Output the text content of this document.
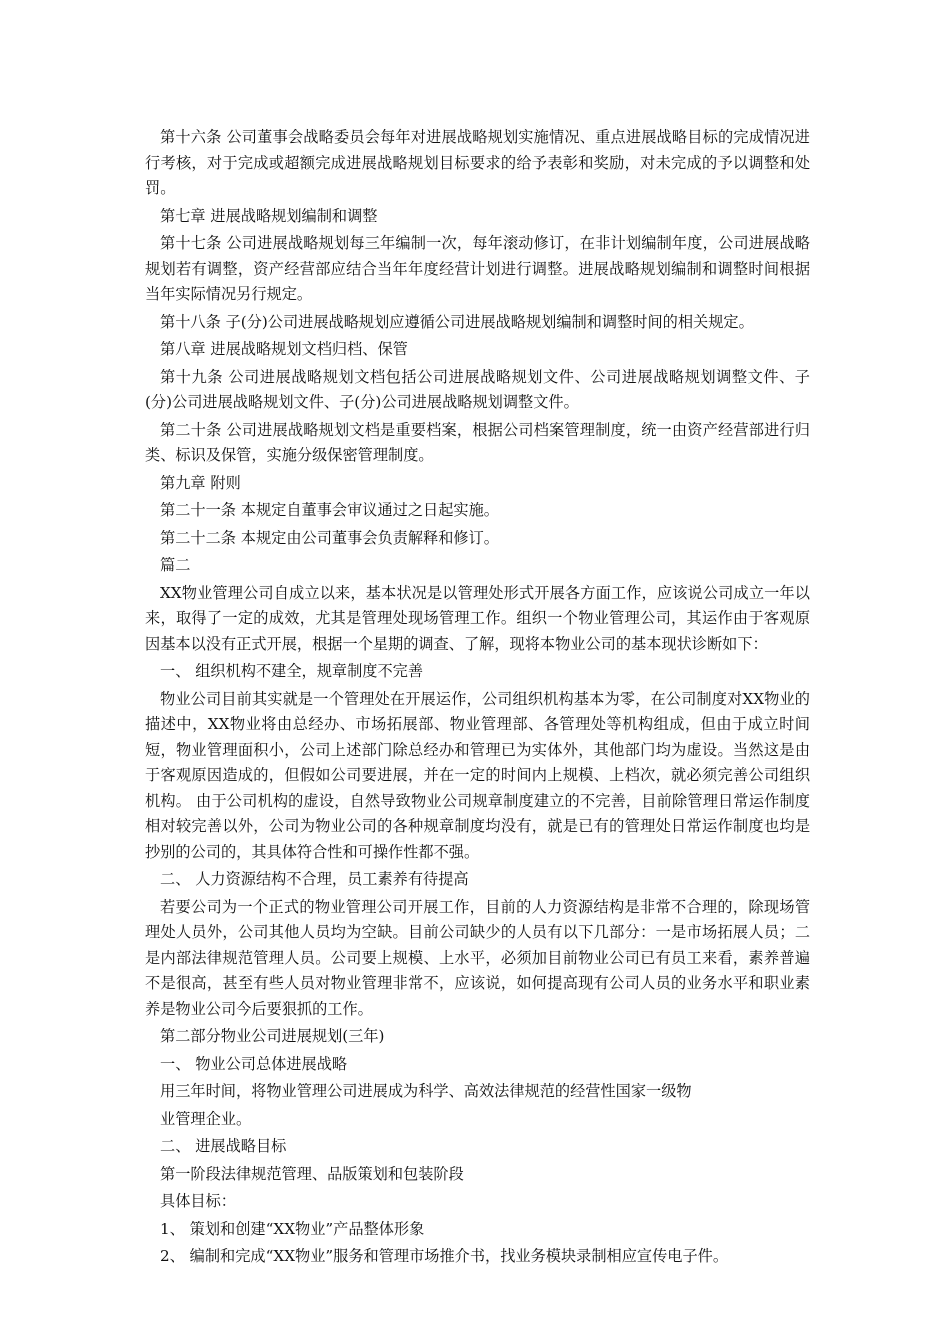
第十六条 公司董事会战略委员会每年对进展战略规划实施情况、重点进展战略目标的完成情况进行考核，对于完成或超额完成进展战略规划目标要求的给予表彰和奖励，对未完成的予以调整和处罚。

第七章 进展战略规划编制和调整

第十七条 公司进展战略规划每三年编制一次，每年滚动修订，在非计划编制年度，公司进展战略规划若有调整，资产经营部应结合当年年度经营计划进行调整。进展战略规划编制和调整时间根据当年实际情况另行规定。

第十八条 子(分)公司进展战略规划应遵循公司进展战略规划编制和调整时间的相关规定。

第八章 进展战略规划文档归档、保管

第十九条 公司进展战略规划文档包括公司进展战略规划文件、公司进展战略规划调整文件、子(分)公司进展战略规划文件、子(分)公司进展战略规划调整文件。

第二十条 公司进展战略规划文档是重要档案，根据公司档案管理制度，统一由资产经营部进行归类、标识及保管，实施分级保密管理制度。

第九章 附则

第二十一条 本规定自董事会审议通过之日起实施。

第二十二条 本规定由公司董事会负责解释和修订。

篇二

XX物业管理公司自成立以来，基本状况是以管理处形式开展各方面工作，应该说公司成立一年以来，取得了一定的成效，尤其是管理处现场管理工作。组织一个物业管理公司，其运作由于客观原因基本以没有正式开展，根据一个星期的调查、了解，现将本物业公司的基本现状诊断如下：

一、 组织机构不建全，规章制度不完善

物业公司目前其实就是一个管理处在开展运作，公司组织机构基本为零，在公司制度对XX物业的描述中，XX物业将由总经办、市场拓展部、物业管理部、各管理处等机构组成，但由于成立时间短，物业管理面积小，公司上述部门除总经办和管理已为实体外，其他部门均为虚设。当然这是由于客观原因造成的，但假如公司要进展，并在一定的时间内上规模、上档次，就必须完善公司组织机构。 由于公司机构的虚设，自然导致物业公司规章制度建立的不完善，目前除管理日常运作制度相对较完善以外，公司为物业公司的各种规章制度均没有，就是已有的管理处日常运作制度也均是抄别的公司的，其具体符合性和可操作性都不强。

二、 人力资源结构不合理，员工素养有待提高

若要公司为一个正式的物业管理公司开展工作，目前的人力资源结构是非常不合理的，除现场管理处人员外，公司其他人员均为空缺。目前公司缺少的人员有以下几部分：一是市场拓展人员；二是内部法律规范管理人员。公司要上规模、上水平，必须加目前物业公司已有员工来看，素养普遍不是很高，甚至有些人员对物业管理非常不，应该说，如何提高现有公司人员的业务水平和职业素养是物业公司今后要狠抓的工作。

第二部分物业公司进展规划(三年)

一、 物业公司总体进展战略

用三年时间，将物业管理公司进展成为科学、高效法律规范的经营性国家一级物

业管理企业。

二、 进展战略目标

第一阶段法律规范管理、品版策划和包装阶段

具体目标：

1、 策划和创建“XX物业”产品整体形象

2、 编制和完成“XX物业”服务和管理市场推介书，找业务模块录制相应宣传电子件。
